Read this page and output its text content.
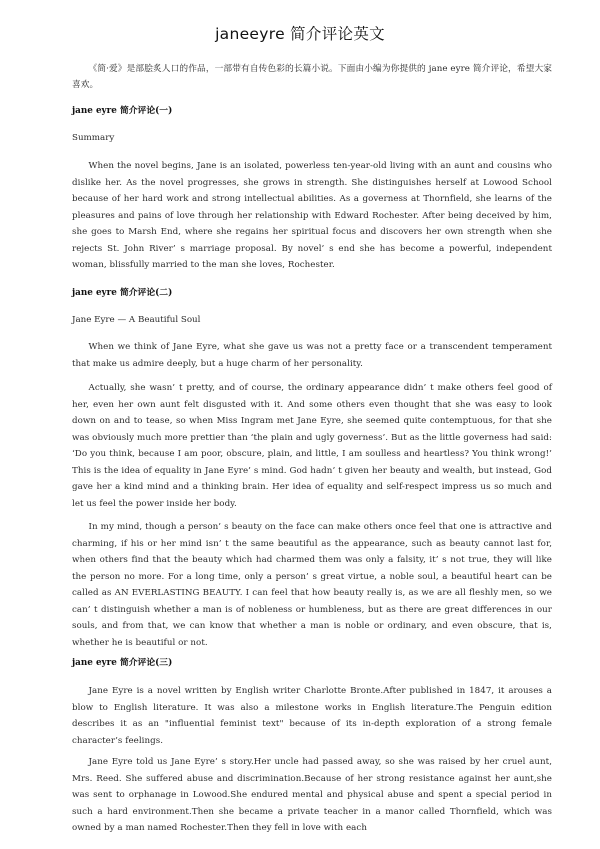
janeeyre 简介评论英文
《简·爱》是部脍炙人口的作品，一部带有自传色彩的长篇小说。下面由小编为你提供的 jane eyre 简介评论，希望大家喜欢。
jane eyre 简介评论(一)
Summary
When the novel begins, Jane is an isolated, powerless ten-year-old living with an aunt and cousins who dislike her. As the novel progresses, she grows in strength. She distinguishes herself at Lowood School because of her hard work and strong intellectual abilities. As a governess at Thornfield, she learns of the pleasures and pains of love through her relationship with Edward Rochester. After being deceived by him, she goes to Marsh End, where she regains her spiritual focus and discovers her own strength when she rejects St. John River’ s marriage proposal. By novel’ s end she has become a powerful, independent woman, blissfully married to the man she loves, Rochester.
jane eyre 简介评论(二)
Jane Eyre — A Beautiful Soul
When we think of Jane Eyre, what she gave us was not a pretty face or a transcendent temperament that make us admire deeply, but a huge charm of her personality.
Actually, she wasn’ t pretty, and of course, the ordinary appearance didn’ t make others feel good of her, even her own aunt felt disgusted with it. And some others even thought that she was easy to look down on and to tease, so when Miss Ingram met Jane Eyre, she seemed quite contemptuous, for that she was obviously much more prettier than ‘the plain and ugly governess’. But as the little governess had said: ‘Do you think, because I am poor, obscure, plain, and little, I am soulless and heartless? You think wrong!’ This is the idea of equality in Jane Eyre’ s mind. God hadn’ t given her beauty and wealth, but instead, God gave her a kind mind and a thinking brain. Her idea of equality and self-respect impress us so much and let us feel the power inside her body.
In my mind, though a person’ s beauty on the face can make others once feel that one is attractive and charming, if his or her mind isn’ t the same beautiful as the appearance, such as beauty cannot last for, when others find that the beauty which had charmed them was only a falsity, it’ s not true, they will like the person no more. For a long time, only a person’ s great virtue, a noble soul, a beautiful heart can be called as AN EVERLASTING BEAUTY. I can feel that how beauty really is, as we are all fleshly men, so we can’ t distinguish whether a man is of nobleness or humbleness, but as there are great differences in our souls, and from that, we can know that whether a man is noble or ordinary, and even obscure, that is, whether he is beautiful or not.
jane eyre 简介评论(三)
Jane Eyre is a novel written by English writer Charlotte Bronte.After published in 1847, it arouses a blow to English literature. It was also a milestone works in English literature.The Penguin edition describes it as an "influential feminist text" because of its in-depth exploration of a strong female character’s feelings.
Jane Eyre told us Jane Eyre’ s story.Her uncle had passed away, so she was raised by her cruel aunt, Mrs. Reed. She suffered abuse and discrimination.Because of her strong resistance against her aunt,she was sent to orphanage in Lowood.She endured mental and physical abuse and spent a special period in such a hard environment.Then she became a private teacher in a manor called Thornfield, which was owned by a man named Rochester.Then they fell in love with each
